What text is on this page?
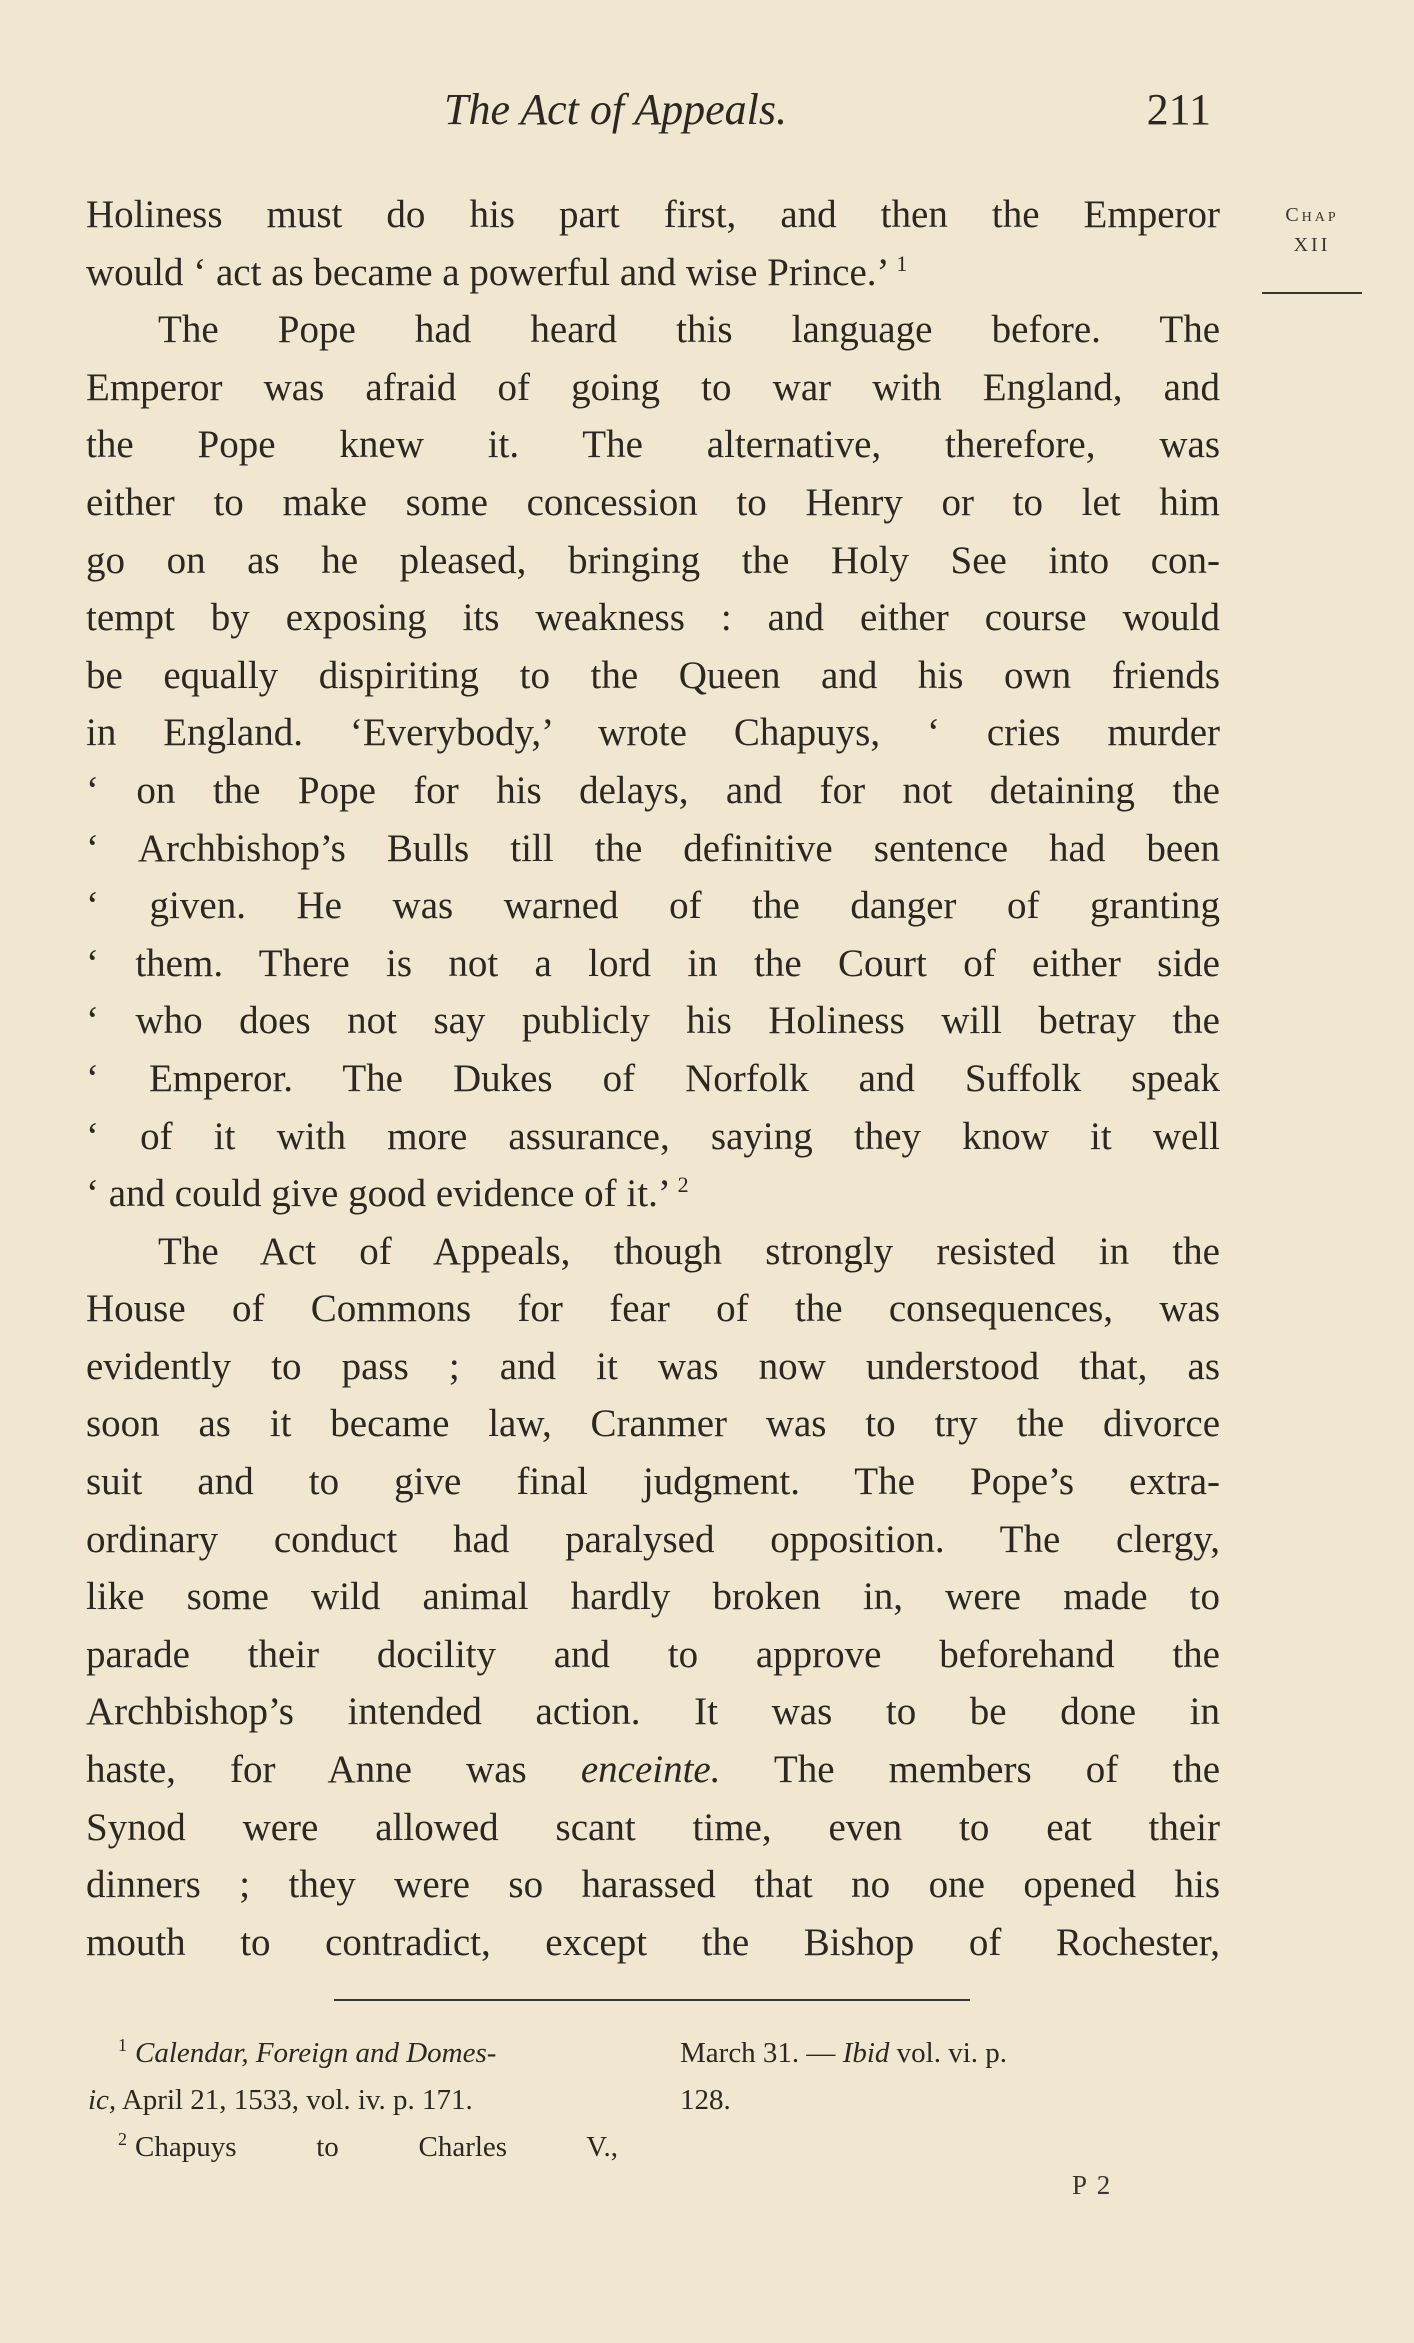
The Act of Appeals.	211
Chap
XII
Holiness must do his part first, and then the Emperor
would ‘ act as became a powerful and wise Prince.’ $^1$
The Pope had heard this language before. The
Emperor was afraid of going to war with England, and
the Pope knew it. The alternative, therefore, was
either to make some concession to Henry or to let him
go on as he pleased, bringing the Holy See into con-
tempt by exposing its weakness : and either course would
be equally dispiriting to the Queen and his own friends
in England. ‘Everybody,’ wrote Chapuys, ‘ cries murder
‘ on the Pope for his delays, and for not detaining the
‘ Archbishop’s Bulls till the definitive sentence had been
‘ given. He was warned of the danger of granting
‘ them. There is not a lord in the Court of either side
‘ who does not say publicly his Holiness will betray the
‘ Emperor. The Dukes of Norfolk and Suffolk speak
‘ of it with more assurance, saying they know it well
‘ and could give good evidence of it.’ $^2$
The Act of Appeals, though strongly resisted in the
House of Commons for fear of the consequences, was
evidently to pass ; and it was now understood that, as
soon as it became law, Cranmer was to try the divorce
suit and to give final judgment. The Pope’s extra-
ordinary conduct had paralysed opposition. The clergy,
like some wild animal hardly broken in, were made to
parade their docility and to approve beforehand the
Archbishop’s intended action. It was to be done in
haste, for Anne was enceinte. The members of the
Synod were allowed scant time, even to eat their
dinners ; they were so harassed that no one opened his
mouth to contradict, except the Bishop of Rochester,
$^1$ Calendar, Foreign and Domes-
ic, April 21, 1533, vol. iv. p. 171.
$^2$ Chapuys to Charles V.,
March 31. — Ibid vol. vi. p.
128.
P 2
